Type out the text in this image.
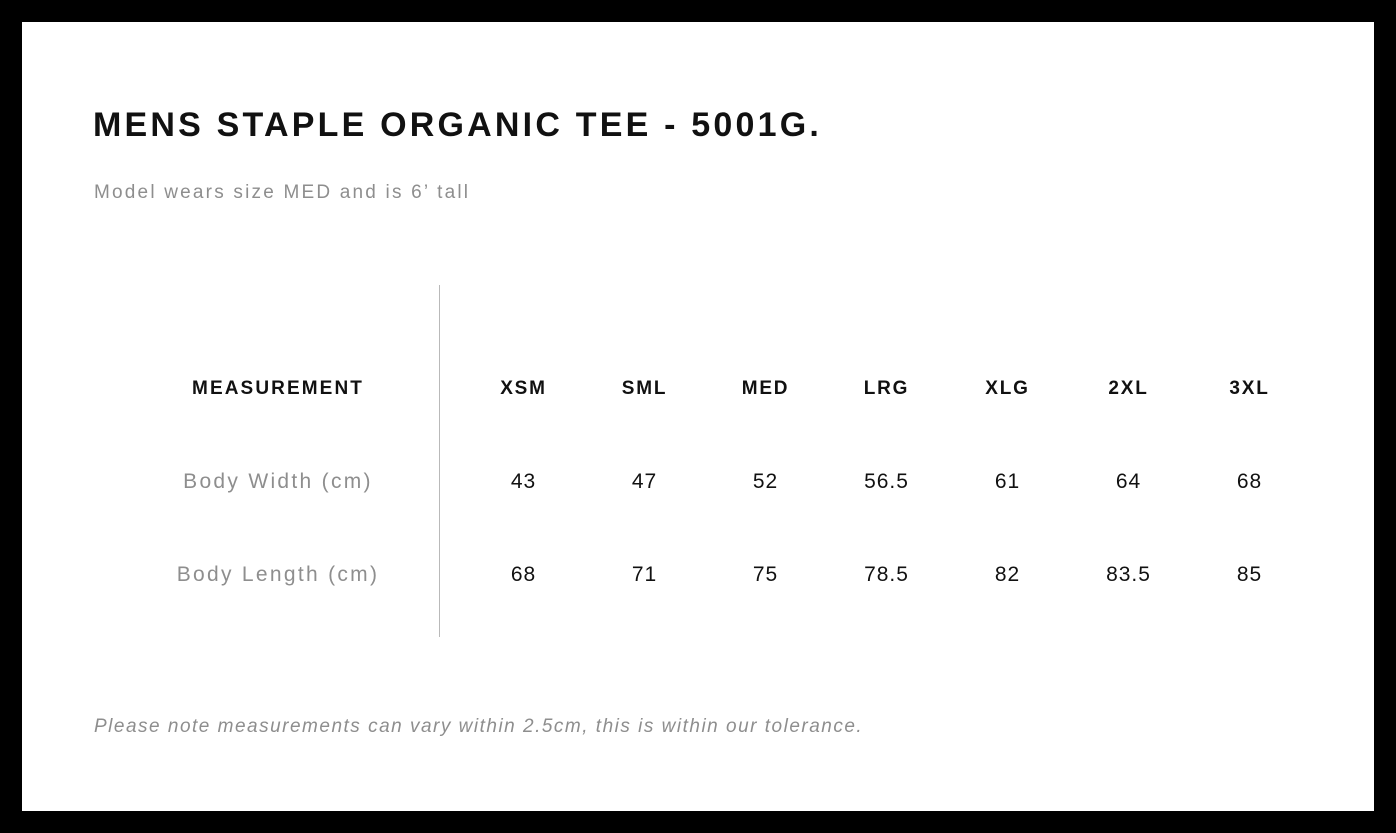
MENS STAPLE ORGANIC TEE - 5001G.
Model wears size MED and is 6’ tall
MEASUREMENT	XSM	SML	MED	LRG	XLG	2XL	3XL
Body Width (cm)	43	47	52	56.5	61	64	68
Body Length (cm)	68	71	75	78.5	82	83.5	85
Please note measurements can vary within 2.5cm, this is within our tolerance.
